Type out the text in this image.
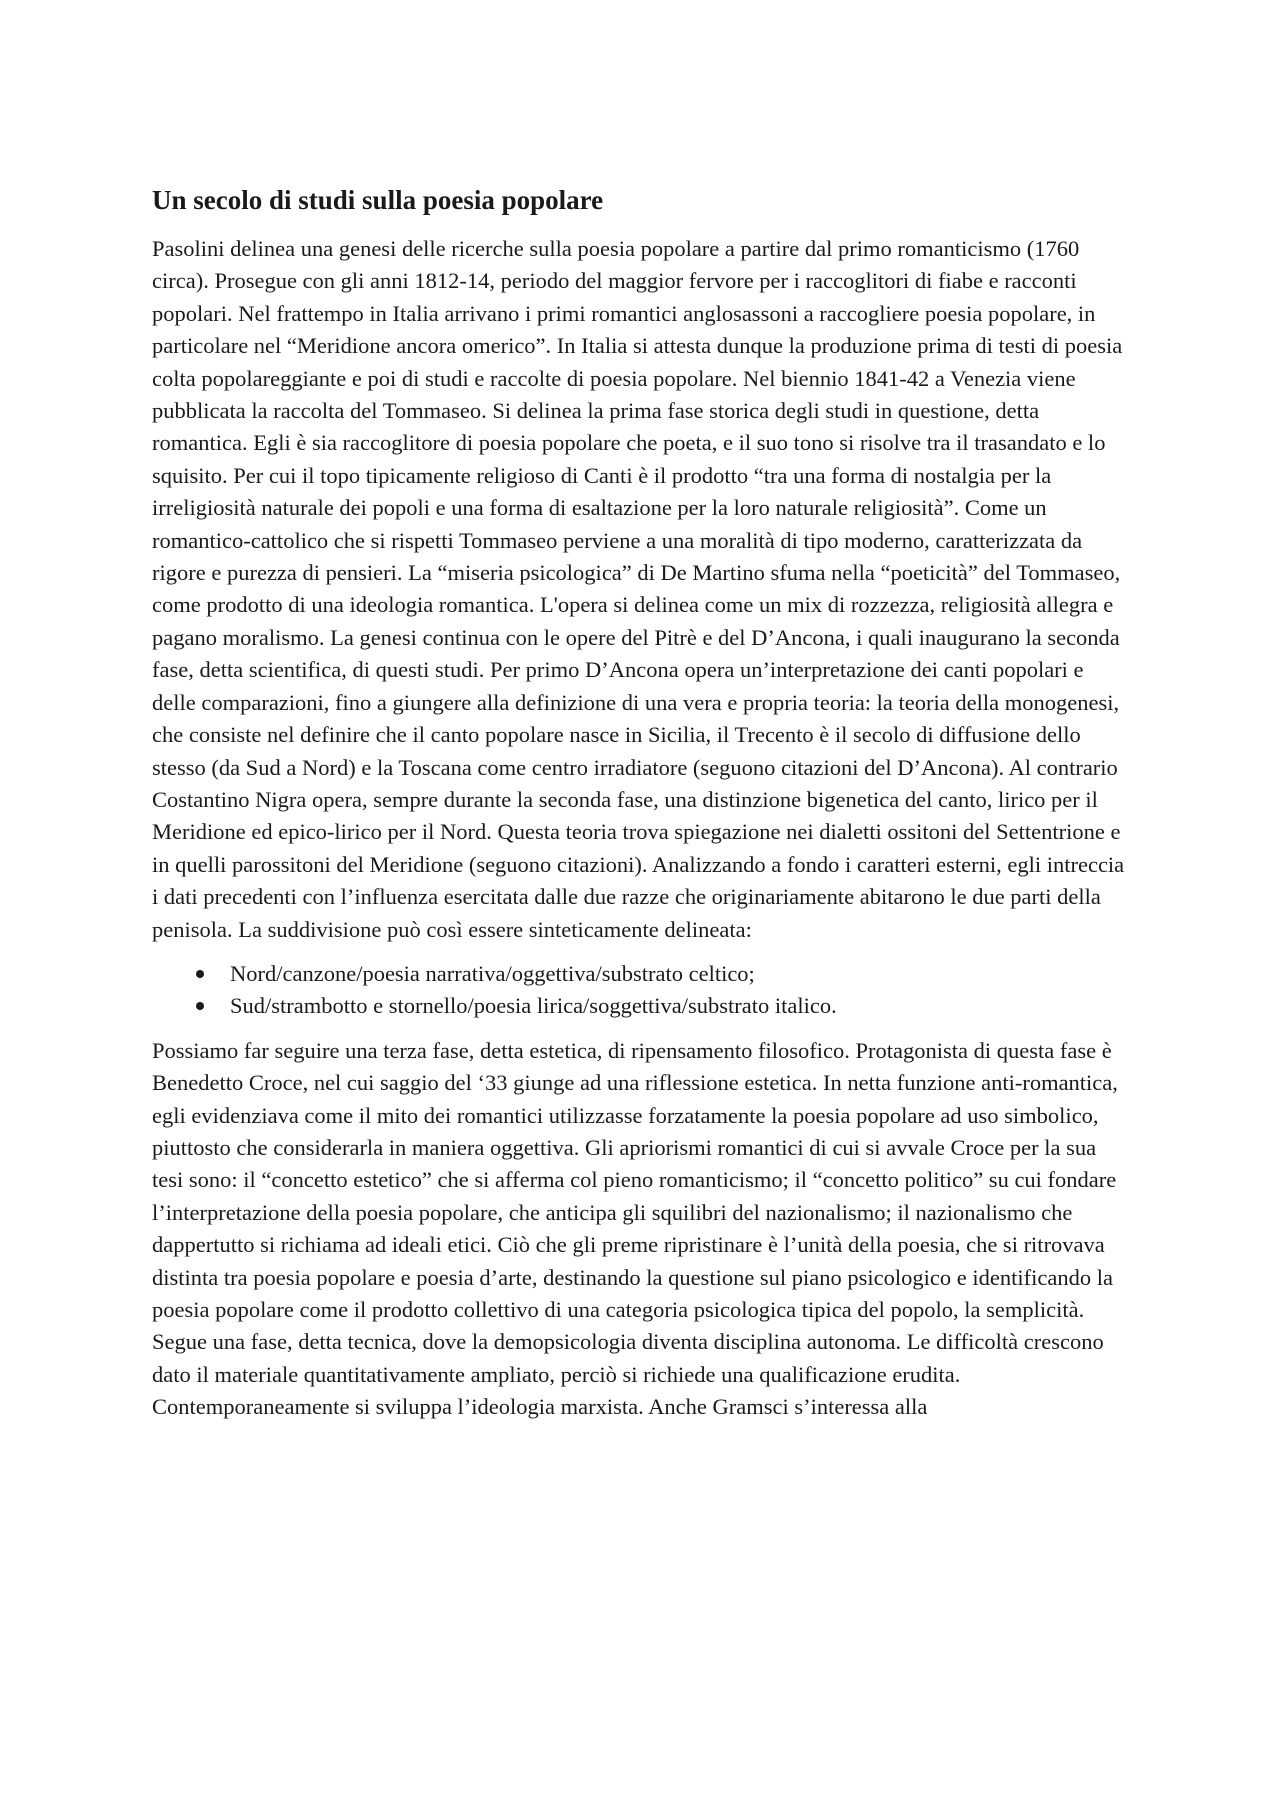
Un secolo di studi sulla poesia popolare

Pasolini delinea una genesi delle ricerche sulla poesia popolare a partire dal primo romanticismo (1760 circa). Prosegue con gli anni 1812-14, periodo del maggior fervore per i raccoglitori di fiabe e racconti popolari. Nel frattempo in Italia arrivano i primi romantici anglosassoni a raccogliere poesia popolare, in particolare nel “Meridione ancora omerico”. In Italia si attesta dunque la produzione prima di testi di poesia colta popolareggiante e poi di studi e raccolte di poesia popolare. Nel biennio 1841-42 a Venezia viene pubblicata la raccolta del Tommaseo. Si delinea la prima fase storica degli studi in questione, detta romantica. Egli è sia raccoglitore di poesia popolare che poeta, e il suo tono si risolve tra il trasandato e lo squisito. Per cui il topo tipicamente religioso di Canti è il prodotto “tra una forma di nostalgia per la irreligiosità naturale dei popoli e una forma di esaltazione per la loro naturale religiosità”. Come un romantico-cattolico che si rispetti Tommaseo perviene a una moralità di tipo moderno, caratterizzata da rigore e purezza di pensieri. La “miseria psicologica” di De Martino sfuma nella “poeticità” del Tommaseo, come prodotto di una ideologia romantica. L'opera si delinea come un mix di rozzezza, religiosità allegra e pagano moralismo. La genesi continua con le opere del Pitrè e del D’Ancona, i quali inaugurano la seconda fase, detta scientifica, di questi studi. Per primo D’Ancona opera un’interpretazione dei canti popolari e delle comparazioni, fino a giungere alla definizione di una vera e propria teoria: la teoria della monogenesi, che consiste nel definire che il canto popolare nasce in Sicilia, il Trecento è il secolo di diffusione dello stesso (da Sud a Nord) e la Toscana come centro irradiatore (seguono citazioni del D’Ancona). Al contrario Costantino Nigra opera, sempre durante la seconda fase, una distinzione bigenetica del canto, lirico per il Meridione ed epico-lirico per il Nord. Questa teoria trova spiegazione nei dialetti ossitoni del Settentrione e in quelli parossitoni del Meridione (seguono citazioni). Analizzando a fondo i caratteri esterni, egli intreccia i dati precedenti con l’influenza esercitata dalle due razze che originariamente abitarono le due parti della penisola. La suddivisione può così essere sinteticamente delineata:

Nord/canzone/poesia narrativa/oggettiva/substrato celtico;
Sud/strambotto e stornello/poesia lirica/soggettiva/substrato italico.

Possiamo far seguire una terza fase, detta estetica, di ripensamento filosofico. Protagonista di questa fase è Benedetto Croce, nel cui saggio del ‘33 giunge ad una riflessione estetica. In netta funzione anti-romantica, egli evidenziava come il mito dei romantici utilizzasse forzatamente la poesia popolare ad uso simbolico, piuttosto che considerarla in maniera oggettiva. Gli apriorismi romantici di cui si avvale Croce per la sua tesi sono: il “concetto estetico” che si afferma col pieno romanticismo; il “concetto politico” su cui fondare l’interpretazione della poesia popolare, che anticipa gli squilibri del nazionalismo; il nazionalismo che dappertutto si richiama ad ideali etici. Ciò che gli preme ripristinare è l’unità della poesia, che si ritrovava distinta tra poesia popolare e poesia d’arte, destinando la questione sul piano psicologico e identificando la poesia popolare come il prodotto collettivo di una categoria psicologica tipica del popolo, la semplicità. Segue una fase, detta tecnica, dove la demopsicologia diventa disciplina autonoma. Le difficoltà crescono dato il materiale quantitativamente ampliato, perciò si richiede una qualificazione erudita. Contemporaneamente si sviluppa l’ideologia marxista. Anche Gramsci s’interessa alla
